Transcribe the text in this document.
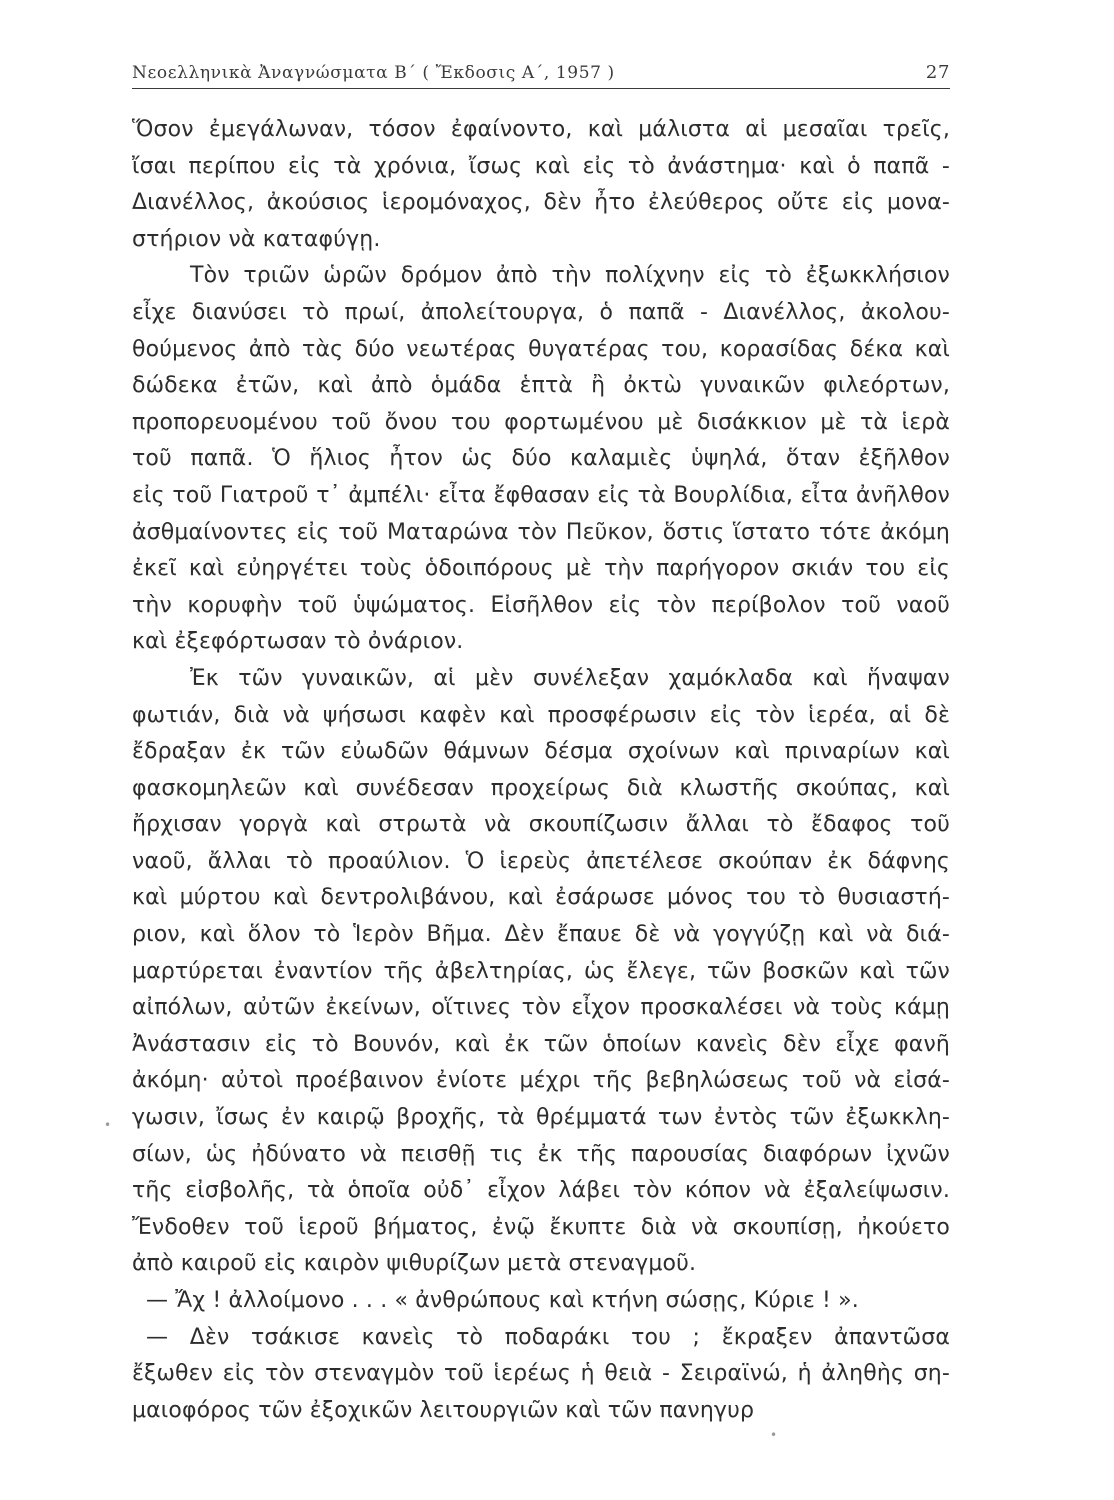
Νεοελληνικὰ Ἀναγνώσματα Β΄ ( Ἔκδοσις Α΄, 1957 )	27
Ὅσον ἐμεγάλωναν, τόσον ἐφαίνοντο, καὶ μάλιστα αἱ μεσαῖαι τρεῖς,
ἴσαι περίπου εἰς τὰ χρόνια, ἴσως καὶ εἰς τὸ ἀνάστημα· καὶ ὁ παπᾶ -
Διανέλλος, ἀκούσιος ἱερομόναχος, δὲν ἦτο ἐλεύθερος οὔτε εἰς μονα-
στήριον νὰ καταφύγῃ.
Τὸν τριῶν ὡρῶν δρόμον ἀπὸ τὴν πολίχνην εἰς τὸ ἐξωκκλήσιον
εἶχε διανύσει τὸ πρωί, ἀπολείτουργα, ὁ παπᾶ - Διανέλλος, ἀκολου-
θούμενος ἀπὸ τὰς δύο νεωτέρας θυγατέρας του, κορασίδας δέκα καὶ
δώδεκα ἐτῶν, καὶ ἀπὸ ὁμάδα ἑπτὰ ἢ ὀκτὼ γυναικῶν φιλεόρτων,
προπορευομένου τοῦ ὄνου του φορτωμένου μὲ δισάκκιον μὲ τὰ ἱερὰ
τοῦ παπᾶ. Ὁ ἥλιος ἦτον ὡς δύο καλαμιὲς ὑψηλά, ὅταν ἐξῆλθον
εἰς τοῦ Γιατροῦ τ᾿ ἀμπέλι· εἶτα ἔφθασαν εἰς τὰ Βουρλίδια, εἶτα ἀνῆλθον
ἀσθμαίνοντες εἰς τοῦ Ματαρώνα τὸν Πεῦκον, ὅστις ἵστατο τότε ἀκόμη
ἐκεῖ καὶ εὐηργέτει τοὺς ὁδοιπόρους μὲ τὴν παρήγορον σκιάν του εἰς
τὴν κορυφὴν τοῦ ὑψώματος. Εἰσῆλθον εἰς τὸν περίβολον τοῦ ναοῦ
καὶ ἐξεφόρτωσαν τὸ ὀνάριον.
Ἐκ τῶν γυναικῶν, αἱ μὲν συνέλεξαν χαμόκλαδα καὶ ἥναψαν
φωτιάν, διὰ νὰ ψήσωσι καφὲν καὶ προσφέρωσιν εἰς τὸν ἱερέα, αἱ δὲ
ἔδραξαν ἐκ τῶν εὐωδῶν θάμνων δέσμα σχοίνων καὶ πριναρίων καὶ
φασκομηλεῶν καὶ συνέδεσαν προχείρως διὰ κλωστῆς σκούπας, καὶ
ἤρχισαν γοργὰ καὶ στρωτὰ νὰ σκουπίζωσιν ἄλλαι τὸ ἔδαφος τοῦ
ναοῦ, ἄλλαι τὸ προαύλιον. Ὁ ἱερεὺς ἀπετέλεσε σκούπαν ἐκ δάφνης
καὶ μύρτου καὶ δεντρολιβάνου, καὶ ἐσάρωσε μόνος του τὸ θυσιαστή-
ριον, καὶ ὅλον τὸ Ἱερὸν Βῆμα. Δὲν ἔπαυε δὲ νὰ γογγύζῃ καὶ νὰ διά-
μαρτύρεται ἐναντίον τῆς ἀβελτηρίας, ὡς ἔλεγε, τῶν βοσκῶν καὶ τῶν
αἰπόλων, αὐτῶν ἐκείνων, οἵτινες τὸν εἶχον προσκαλέσει νὰ τοὺς κάμῃ
Ἀνάστασιν εἰς τὸ Βουνόν, καὶ ἐκ τῶν ὁποίων κανεὶς δὲν εἶχε φανῆ
ἀκόμη· αὐτοὶ προέβαινον ἐνίοτε μέχρι τῆς βεβηλώσεως τοῦ νὰ εἰσά-
γωσιν, ἴσως ἐν καιρῷ βροχῆς, τὰ θρέμματά των ἐντὸς τῶν ἐξωκκλη-
σίων, ὡς ἠδύνατο νὰ πεισθῇ τις ἐκ τῆς παρουσίας διαφόρων ἰχνῶν
τῆς εἰσβολῆς, τὰ ὁποῖα οὐδ᾿ εἶχον λάβει τὸν κόπον νὰ ἐξαλείψωσιν.
Ἔνδοθεν τοῦ ἱεροῦ βήματος, ἐνῷ ἔκυπτε διὰ νὰ σκουπίσῃ, ἠκούετο
ἀπὸ καιροῦ εἰς καιρὸν ψιθυρίζων μετὰ στεναγμοῦ.
— Ἄχ ! ἀλλοίμονο . . . « ἀνθρώπους καὶ κτήνη σώσῃς, Κύριε ! ».
— Δὲν τσάκισε κανεὶς τὸ ποδαράκι του ; ἔκραξεν ἀπαντῶσα
ἔξωθεν εἰς τὸν στεναγμὸν τοῦ ἱερέως ἡ θειὰ - Σειραϊνώ, ἡ ἀληθὴς ση-
μαιοφόρος τῶν ἐξοχικῶν λειτουργιῶν καὶ τῶν πανηγυρ
•
•
